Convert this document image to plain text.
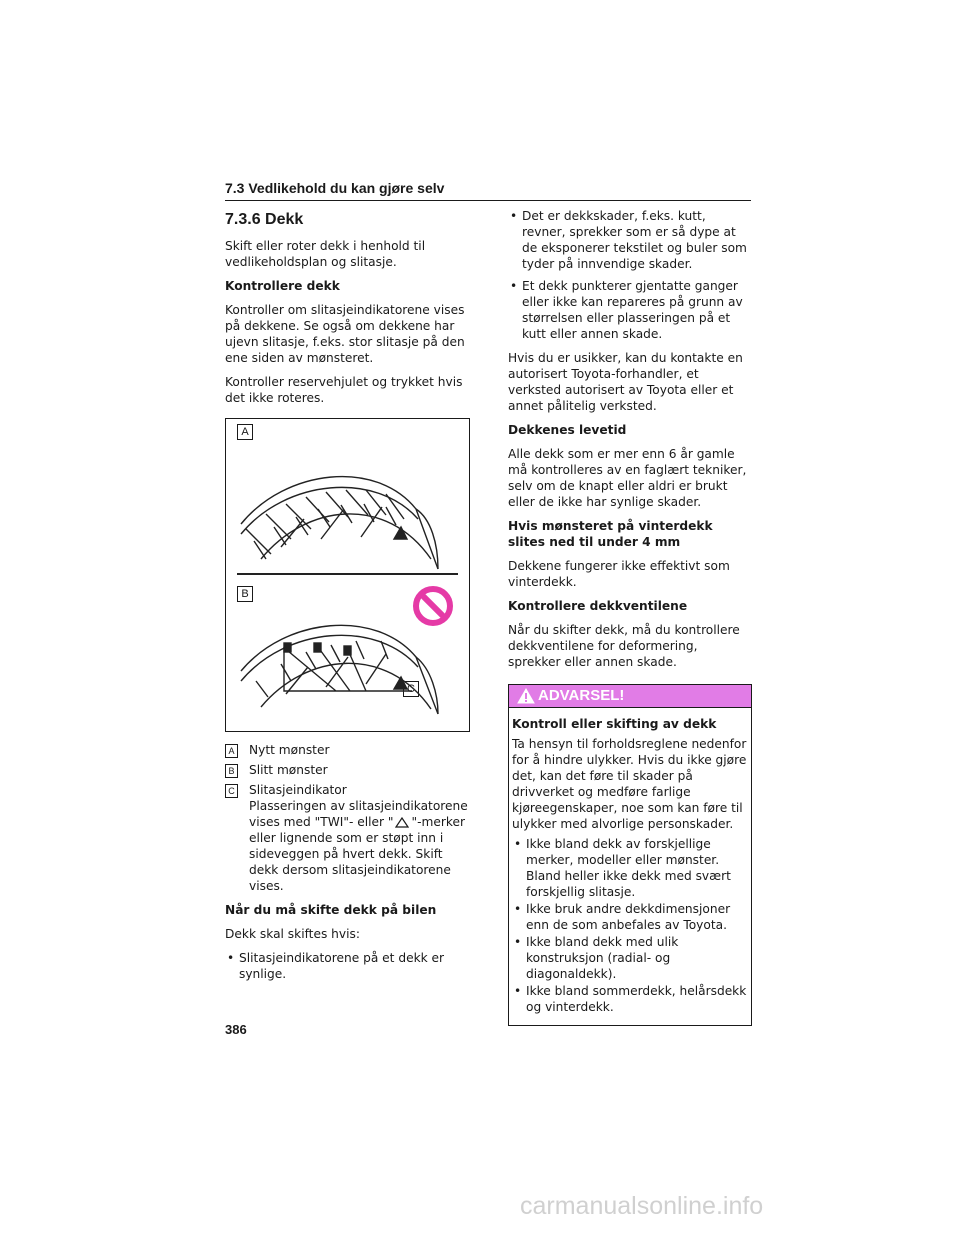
7.3 Vedlikehold du kan gjøre selv
7.3.6 Dekk

Skift eller roter dekk i henhold til vedlikeholdsplan og slitasje.

Kontrollere dekk

Kontroller om slitasjeindikatorene vises på dekkene. Se også om dekkene har ujevn slitasje, f.eks. stor slitasje på den ene siden av mønsteret.

Kontroller reservehjulet og trykket hvis det ikke roteres.

A
B
C
A Nytt mønster
B Slitt mønster
C Slitasjeindikator
Plasseringen av slitasjeindikatorene vises med "TWI"- eller " "-merker eller lignende som er støpt inn i sideveggen på hvert dekk. Skift dekk dersom slitasjeindikatorene vises.

Når du må skifte dekk på bilen

Dekk skal skiftes hvis:

• Slitasjeindikatorene på et dekk er synlige.
• Det er dekkskader, f.eks. kutt, revner, sprekker som er så dype at de eksponerer tekstilet og buler som tyder på innvendige skader.
• Et dekk punkterer gjentatte ganger eller ikke kan repareres på grunn av størrelsen eller plasseringen på et kutt eller annen skade.

Hvis du er usikker, kan du kontakte en autorisert Toyota-forhandler, et verksted autorisert av Toyota eller et annet pålitelig verksted.

Dekkenes levetid

Alle dekk som er mer enn 6 år gamle må kontrolleres av en faglært tekniker, selv om de knapt eller aldri er brukt eller de ikke har synlige skader.

Hvis mønsteret på vinterdekk slites ned til under 4 mm

Dekkene fungerer ikke effektivt som vinterdekk.

Kontrollere dekkventilene

Når du skifter dekk, må du kontrollere dekkventilene for deformering, sprekker eller annen skade.

ADVARSEL!

Kontroll eller skifting av dekk

Ta hensyn til forholdsreglene nedenfor for å hindre ulykker. Hvis du ikke gjøre det, kan det føre til skader på drivverket og medføre farlige kjøreegenskaper, noe som kan føre til ulykker med alvorlige personskader.

• Ikke bland dekk av forskjellige merker, modeller eller mønster. Bland heller ikke dekk med svært forskjellig slitasje.
• Ikke bruk andre dekkdimensjoner enn de som anbefales av Toyota.
• Ikke bland dekk med ulik konstruksjon (radial- og diagonaldekk).
• Ikke bland sommerdekk, helårsdekk og vinterdekk.
386
carmanualsonline.info
